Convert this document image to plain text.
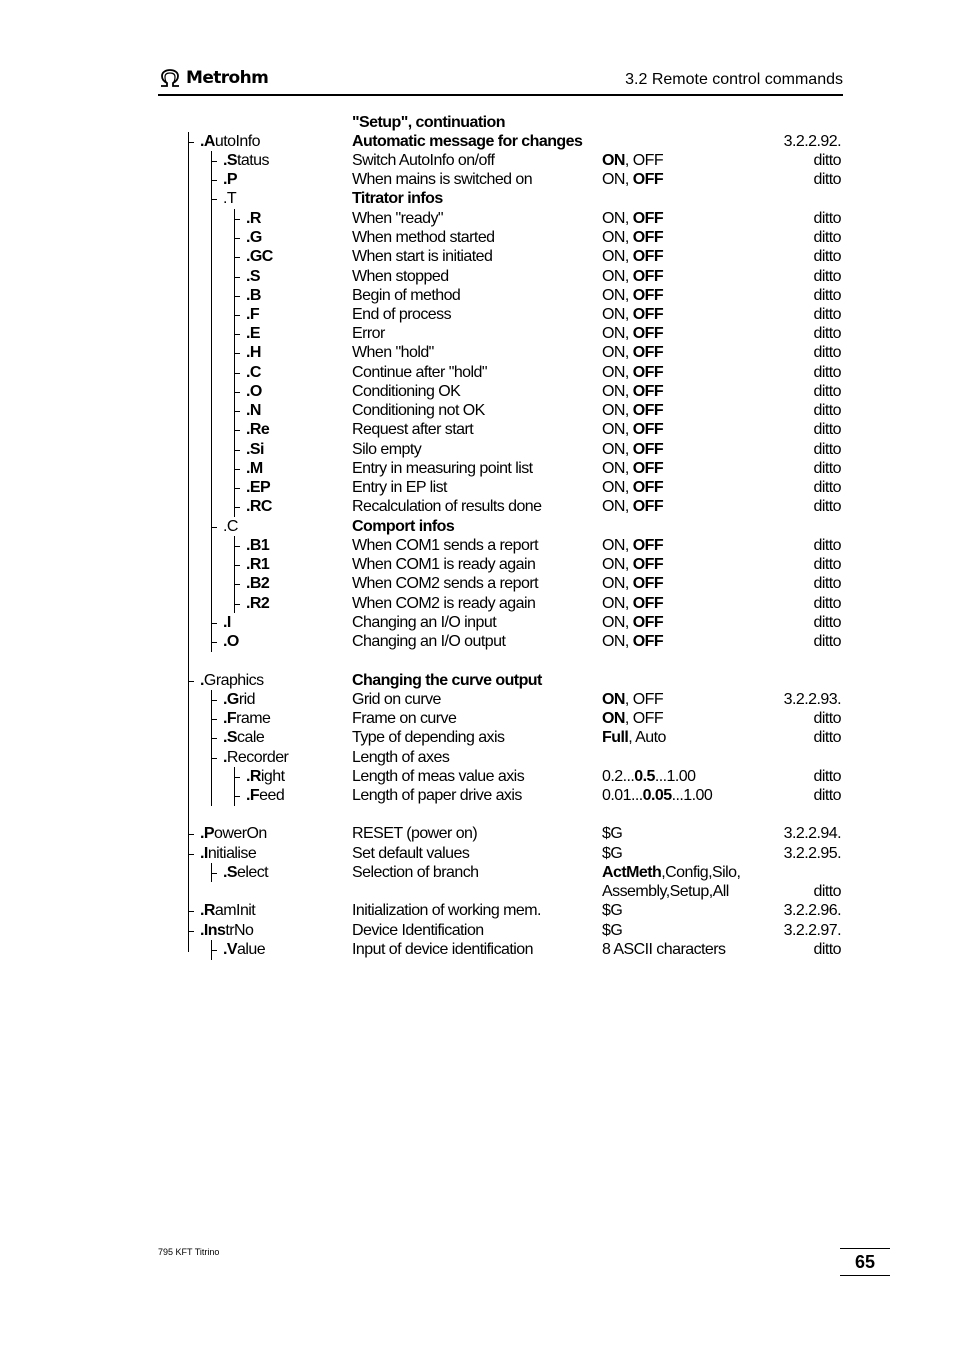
Metrohm	3.2 Remote control commands
"Setup", continuation
.AutoInfo	Automatic message for changes	3.2.2.92.
.Status	Switch AutoInfo on/off	ON, OFF	ditto
.P	When mains is switched on	ON, OFF	ditto
.T	Titrator infos
.R	When "ready"	ON, OFF	ditto
.G	When method started	ON, OFF	ditto
.GC	When start is initiated	ON, OFF	ditto
.S	When stopped	ON, OFF	ditto
.B	Begin of method	ON, OFF	ditto
.F	End of process	ON, OFF	ditto
.E	Error	ON, OFF	ditto
.H	When "hold"	ON, OFF	ditto
.C	Continue after "hold"	ON, OFF	ditto
.O	Conditioning OK	ON, OFF	ditto
.N	Conditioning not OK	ON, OFF	ditto
.Re	Request after start	ON, OFF	ditto
.Si	Silo empty	ON, OFF	ditto
.M	Entry in measuring point list	ON, OFF	ditto
.EP	Entry in EP list	ON, OFF	ditto
.RC	Recalculation of results done	ON, OFF	ditto
.C	Comport infos
.B1	When COM1 sends a report	ON, OFF	ditto
.R1	When COM1 is ready again	ON, OFF	ditto
.B2	When COM2 sends a report	ON, OFF	ditto
.R2	When COM2 is ready again	ON, OFF	ditto
.I	Changing an I/O input	ON, OFF	ditto
.O	Changing an I/O output	ON, OFF	ditto
.Graphics	Changing the curve output
.Grid	Grid on curve	ON, OFF	3.2.2.93.
.Frame	Frame on curve	ON, OFF	ditto
.Scale	Type of depending axis	Full, Auto	ditto
.Recorder	Length of axes
.Right	Length of meas value axis	0.2...0.5...1.00	ditto
.Feed	Length of paper drive axis	0.01...0.05...1.00	ditto
.PowerOn	RESET (power on)	$G	3.2.2.94.
.Initialise	Set default values	$G	3.2.2.95.
.Select	Selection of branch	ActMeth,Config,Silo,
Assembly,Setup,All	ditto
.RamInit	Initialization of working mem.	$G	3.2.2.96.
.InstrNo	Device Identification	$G	3.2.2.97.
.Value	Input of device identification	8 ASCII characters	ditto
795 KFT Titrino	65
